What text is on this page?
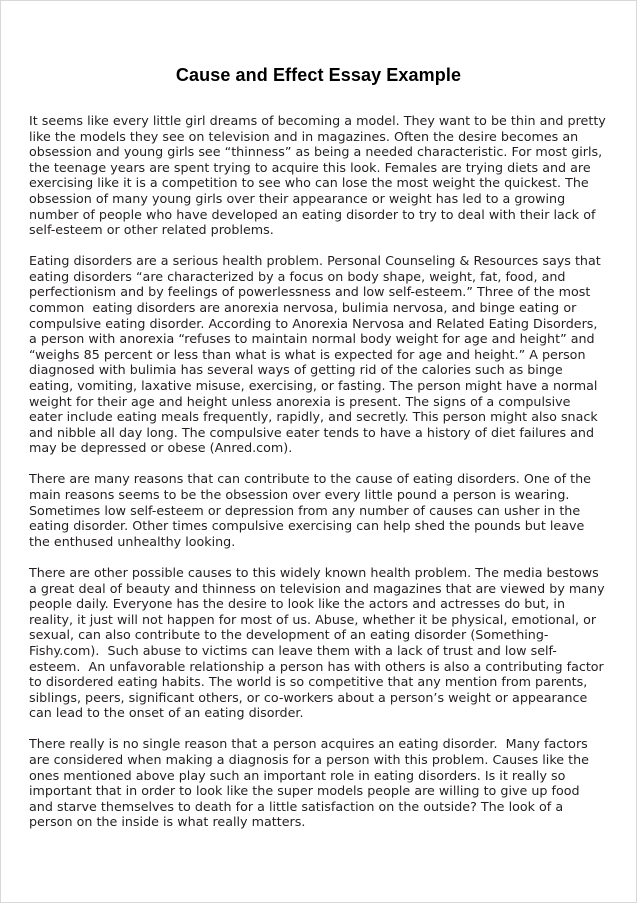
Cause and Effect Essay Example

It seems like every little girl dreams of becoming a model. They want to be thin and pretty like the models they see on television and in magazines. Often the desire becomes an obsession and young girls see “thinness” as being a needed characteristic. For most girls, the teenage years are spent trying to acquire this look. Females are trying diets and are exercising like it is a competition to see who can lose the most weight the quickest. The obsession of many young girls over their appearance or weight has led to a growing number of people who have developed an eating disorder to try to deal with their lack of self-esteem or other related problems.

Eating disorders are a serious health problem. Personal Counseling & Resources says that eating disorders “are characterized by a focus on body shape, weight, fat, food, and perfectionism and by feelings of powerlessness and low self-esteem.” Three of the most common  eating disorders are anorexia nervosa, bulimia nervosa, and binge eating or compulsive eating disorder. According to Anorexia Nervosa and Related Eating Disorders, a person with anorexia “refuses to maintain normal body weight for age and height” and “weighs 85 percent or less than what is what is expected for age and height.” A person diagnosed with bulimia has several ways of getting rid of the calories such as binge eating, vomiting, laxative misuse, exercising, or fasting. The person might have a normal weight for their age and height unless anorexia is present. The signs of a compulsive eater include eating meals frequently, rapidly, and secretly. This person might also snack and nibble all day long. The compulsive eater tends to have a history of diet failures and may be depressed or obese (Anred.com).

There are many reasons that can contribute to the cause of eating disorders. One of the main reasons seems to be the obsession over every little pound a person is wearing.  Sometimes low self-esteem or depression from any number of causes can usher in the eating disorder. Other times compulsive exercising can help shed the pounds but leave the enthused unhealthy looking.

There are other possible causes to this widely known health problem. The media bestows a great deal of beauty and thinness on television and magazines that are viewed by many people daily. Everyone has the desire to look like the actors and actresses do but, in reality, it just will not happen for most of us. Abuse, whether it be physical, emotional, or sexual, can also contribute to the development of an eating disorder (Something-Fishy.com).  Such abuse to victims can leave them with a lack of trust and low self-esteem.  An unfavorable relationship a person has with others is also a contributing factor to disordered eating habits. The world is so competitive that any mention from parents, siblings, peers, significant others, or co-workers about a person’s weight or appearance can lead to the onset of an eating disorder.

There really is no single reason that a person acquires an eating disorder.  Many factors are considered when making a diagnosis for a person with this problem. Causes like the ones mentioned above play such an important role in eating disorders. Is it really so important that in order to look like the super models people are willing to give up food and starve themselves to death for a little satisfaction on the outside? The look of a person on the inside is what really matters.
